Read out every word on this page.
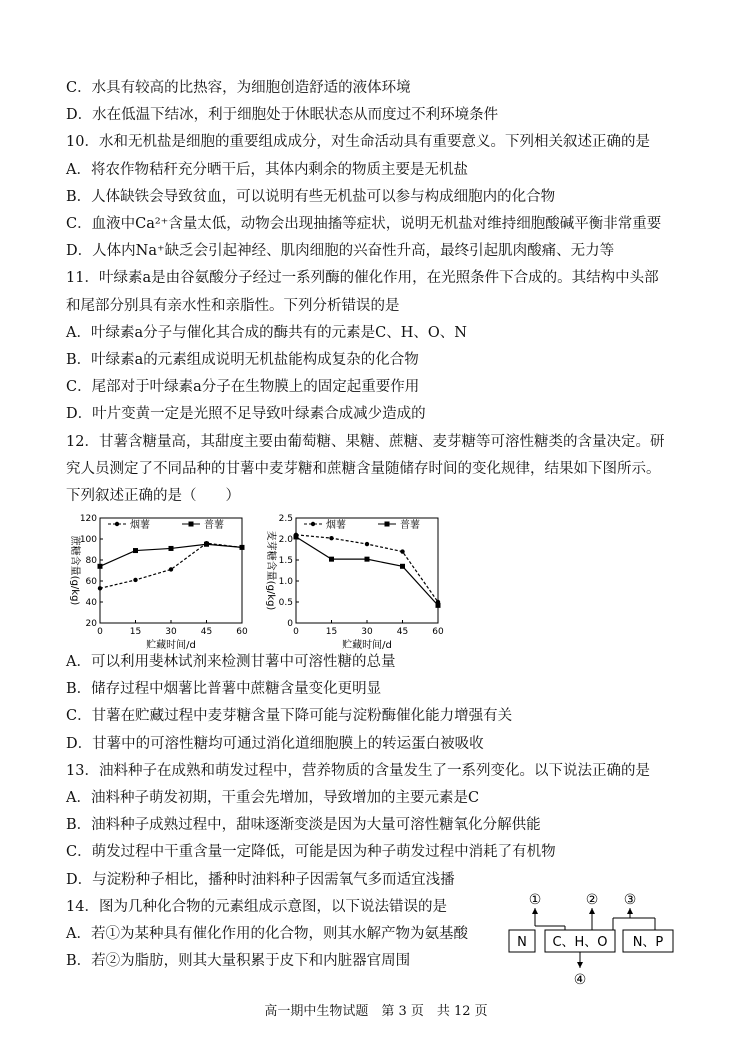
C．水具有较高的比热容，为细胞创造舒适的液体环境
D．水在低温下结冰，利于细胞处于休眠状态从而度过不利环境条件
10．水和无机盐是细胞的重要组成成分，对生命活动具有重要意义。下列相关叙述正确的是
A．将农作物秸秆充分晒干后，其体内剩余的物质主要是无机盐
B．人体缺铁会导致贫血，可以说明有些无机盐可以参与构成细胞内的化合物
C．血液中Ca²⁺含量太低，动物会出现抽搐等症状，说明无机盐对维持细胞酸碱平衡非常重要
D．人体内Na⁺缺乏会引起神经、肌肉细胞的兴奋性升高，最终引起肌肉酸痛、无力等
11．叶绿素a是由谷氨酸分子经过一系列酶的催化作用，在光照条件下合成的。其结构中头部
和尾部分别具有亲水性和亲脂性。下列分析错误的是
A．叶绿素a分子与催化其合成的酶共有的元素是C、H、O、N
B．叶绿素a的元素组成说明无机盐能构成复杂的化合物
C．尾部对于叶绿素a分子在生物膜上的固定起重要作用
D．叶片变黄一定是光照不足导致叶绿素合成减少造成的
12．甘薯含糖量高，其甜度主要由葡萄糖、果糖、蔗糖、麦芽糖等可溶性糖类的含量决定。研
究人员测定了不同品种的甘薯中麦芽糖和蔗糖含量随储存时间的变化规律，结果如下图所示。
下列叙述正确的是（　　）
20
40
60
80
100
120
0	15	30	45	60
贮藏时间/d
蔗糖含量(g/kg)
烟薯	普薯
0
0.5
1.0
1.5
2.0
2.5
0	15	30	45	60
贮藏时间/d
麦芽糖含量(g/kg)
烟薯	普薯
A．可以利用斐林试剂来检测甘薯中可溶性糖的总量
B．储存过程中烟薯比普薯中蔗糖含量变化更明显
C．甘薯在贮藏过程中麦芽糖含量下降可能与淀粉酶催化能力增强有关
D．甘薯中的可溶性糖均可通过消化道细胞膜上的转运蛋白被吸收
13．油料种子在成熟和萌发过程中，营养物质的含量发生了一系列变化。以下说法正确的是
A．油料种子萌发初期，干重会先增加，导致增加的主要元素是C
B．油料种子成熟过程中，甜味逐渐变淡是因为大量可溶性糖氧化分解供能
C．萌发过程中干重含量一定降低，可能是因为种子萌发过程中消耗了有机物
D．与淀粉种子相比，播种时油料种子因需氧气多而适宜浅播
14．图为几种化合物的元素组成示意图，以下说法错误的是
A．若①为某种具有催化作用的化合物，则其水解产物为氨基酸
B．若②为脂肪，则其大量积累于皮下和内脏器官周围
①	② ③
N C、H、O N、P
④
高一期中生物试题　第 3 页　共 12 页
